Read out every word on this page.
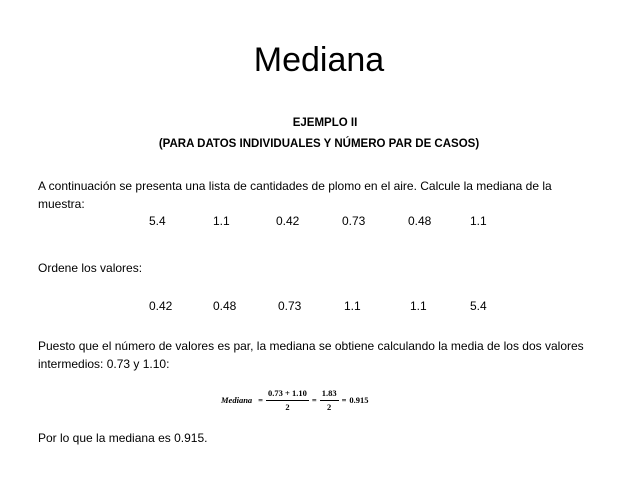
Mediana
EJEMPLO II
(PARA DATOS INDIVIDUALES Y NÚMERO PAR DE CASOS)
A continuación se presenta una lista de cantidades de plomo en el aire. Calcule la mediana de la muestra:
5.4	1.1	0.42	0.73	0.48	1.1
Ordene los valores:
0.42	0.48	0.73	1.1	1.1	5.4
Puesto que el número de valores es par, la mediana se obtiene calculando la media de los dos valores intermedios: 0.73 y 1.10:
Mediana = $\frac{0.73 + 1.10}{2} = \frac{1.83}{2} = 0.915$
Por lo que la mediana es 0.915.
